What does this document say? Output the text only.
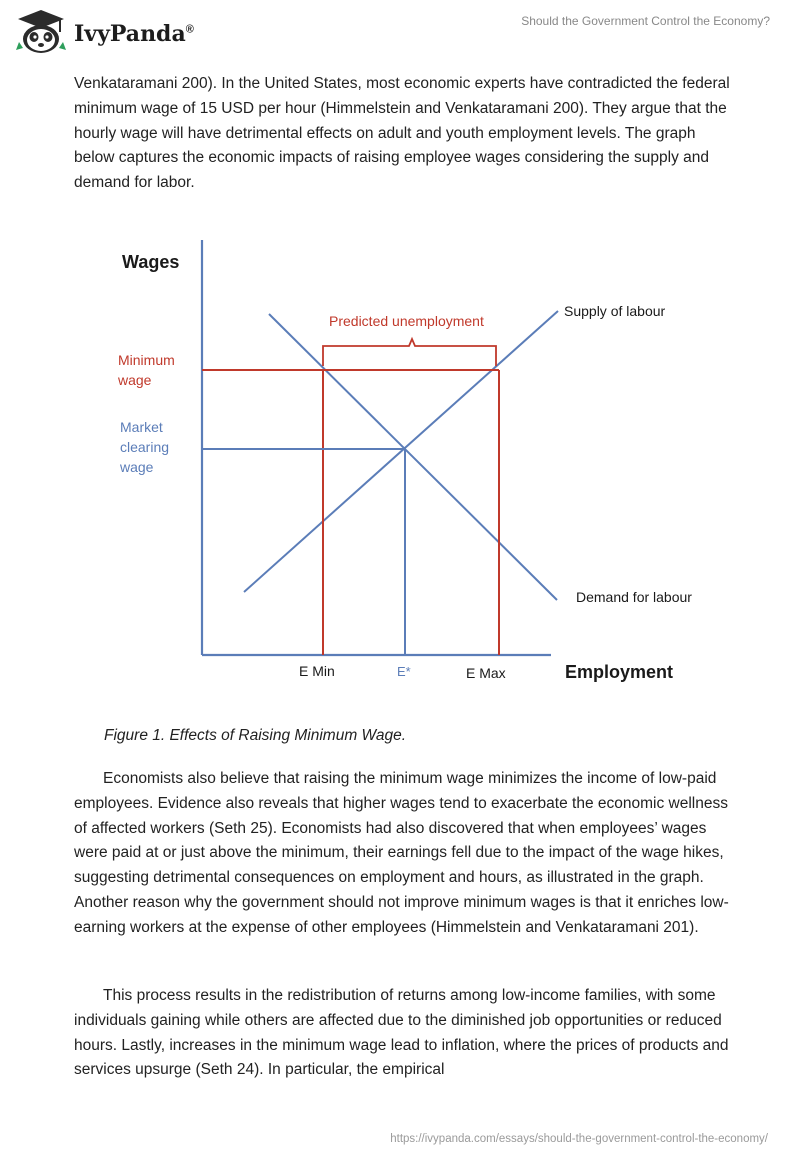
IvyPanda®
Should the Government Control the Economy?

Venkataramani 200). In the United States, most economic experts have contradicted the federal minimum wage of 15 USD per hour (Himmelstein and Venkataramani 200). They argue that the hourly wage will have detrimental effects on adult and youth employment levels. The graph below captures the economic impacts of raising employee wages considering the supply and demand for labor.

Wages
Minimum
wage
Market
clearing
wage
Predicted unemployment
Supply of labour
Demand for labour
E Min	E*	E Max	Employment
Figure 1. Effects of Raising Minimum Wage.

Economists also believe that raising the minimum wage minimizes the income of low-paid employees. Evidence also reveals that higher wages tend to exacerbate the economic wellness of affected workers (Seth 25). Economists had also discovered that when employees’ wages were paid at or just above the minimum, their earnings fell due to the impact of the wage hikes, suggesting detrimental consequences on employment and hours, as illustrated in the graph. Another reason why the government should not improve minimum wages is that it enriches low-earning workers at the expense of other employees (Himmelstein and Venkataramani 201).

This process results in the redistribution of returns among low-income families, with some individuals gaining while others are affected due to the diminished job opportunities or reduced hours. Lastly, increases in the minimum wage lead to inflation, where the prices of products and services upsurge (Seth 24). In particular, the empirical

https://ivypanda.com/essays/should-the-government-control-the-economy/
